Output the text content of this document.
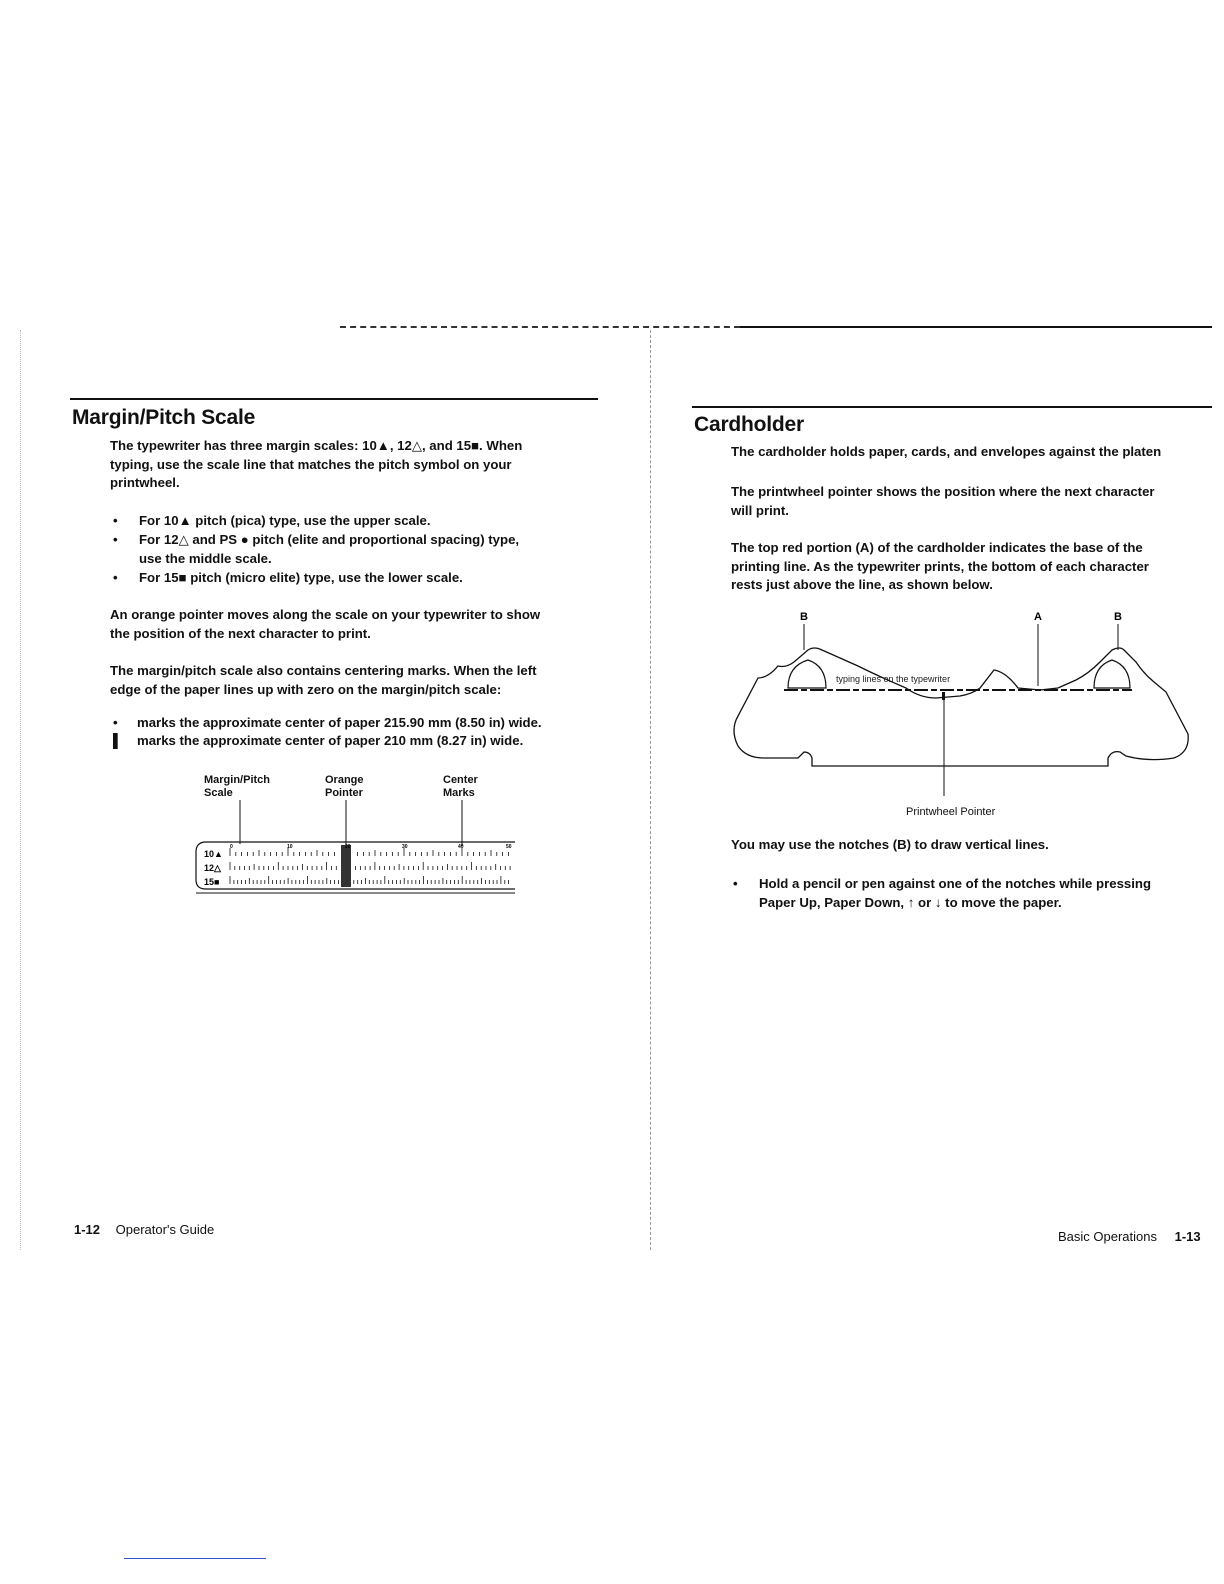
Margin/Pitch Scale
The typewriter has three margin scales: 10▲, 12△, and 15■. When
typing, use the scale line that matches the pitch symbol on your
printwheel.
• For 10▲ pitch (pica) type, use the upper scale.
• For 12△ and PS ● pitch (elite and proportional spacing) type,
use the middle scale.
• For 15■ pitch (micro elite) type, use the lower scale.
An orange pointer moves along the scale on your typewriter to show
the position of the next character to print.
The margin/pitch scale also contains centering marks. When the left
edge of the paper lines up with zero on the margin/pitch scale:
• marks the approximate center of paper 215.90 mm (8.50 in) wide.
▌ marks the approximate center of paper 210 mm (8.27 in) wide.
Margin/Pitch
Scale
Orange
Pointer
Center
Marks
10▲
12△
15■
0	10	20	30	40	50
1-12 Operator's Guide
Cardholder
The cardholder holds paper, cards, and envelopes against the platen
The printwheel pointer shows the position where the next character
will print.
The top red portion (A) of the cardholder indicates the base of the
printing line. As the typewriter prints, the bottom of each character
rests just above the line, as shown below.
B	A	B
typing lines on the typewriter
Printwheel Pointer
You may use the notches (B) to draw vertical lines.
• Hold a pencil or pen against one of the notches while pressing
Paper Up, Paper Down, ↑ or ↓ to move the paper.
Basic Operations 1-13
